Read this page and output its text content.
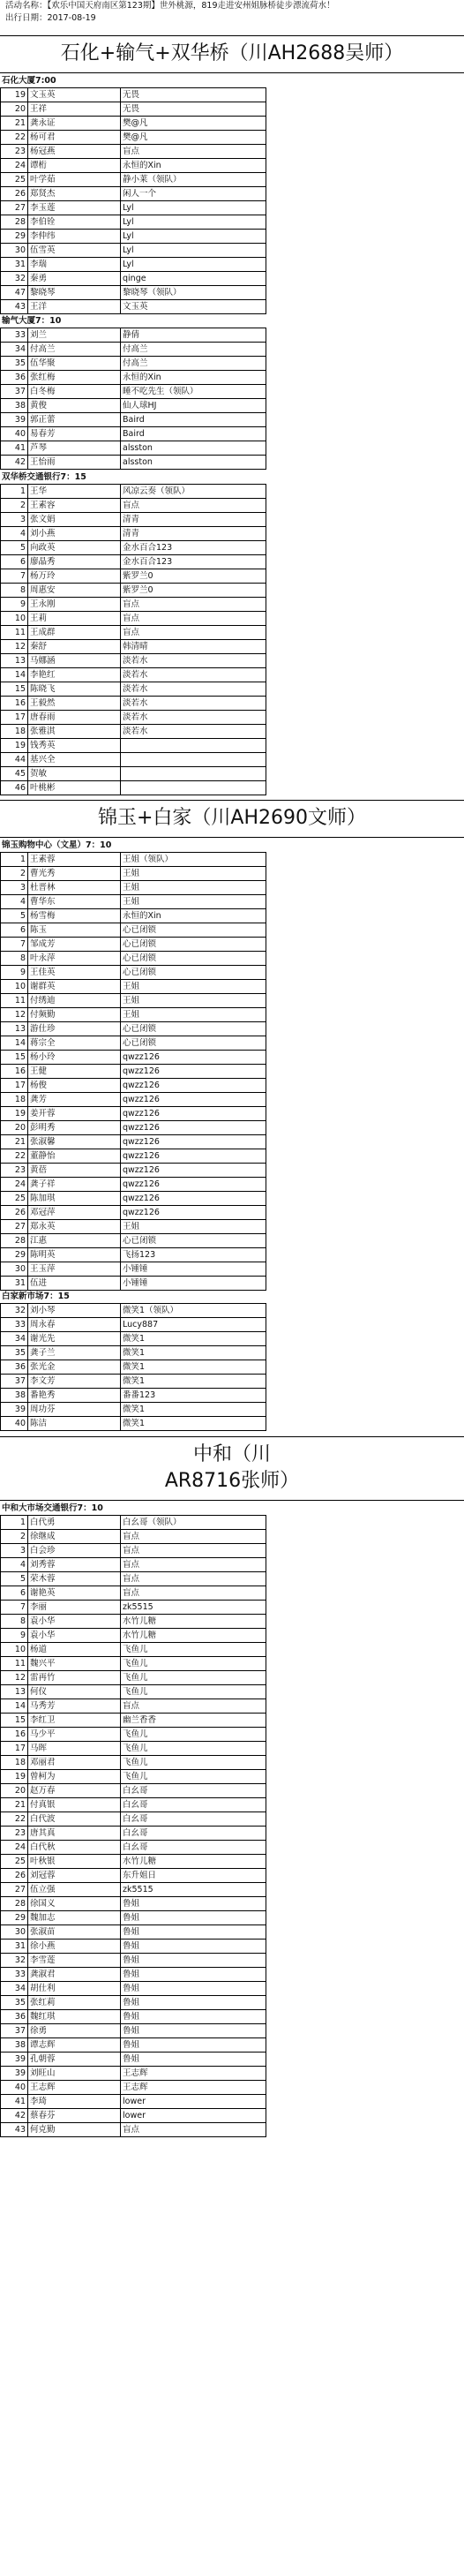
活动名称：【欢乐中国天府南区第123期】世外桃源，819走进安州姐脉桥徒步漂流荷水！
出行日期：2017-08-19
石化+输气+双华桥（川AH2688吴师）
石化大厦7:00
19	文玉英	无畏
20	王祥	无畏
21	龚永证	樊@凡
22	杨可君	樊@凡
23	杨冠燕	盲点
24	谭桁	永恒的Xin
25	叶学茹	静小莱（领队）
26	郑贤杰	闲人一个
27	李玉莲	Lyl
28	李伯铨	Lyl
29	李仲纬	Lyl
30	伍雪英	Lyl
31	李瑞	Lyl
32	秦勇	qinge
47	黎晓琴	黎晓琴（领队）
43	王洋	文玉英
输气大厦7：10
33	刘兰	静倩
34	付高兰	付高兰
35	伍华聚	付高兰
36	张红梅	永恒的Xin
37	白冬梅	睡不吃先生（领队）
38	黄俊	仙人球HJ
39	郭正蕾	Baird
40	易春芳	Baird
41	芦琴	alsston
42	王怡雨	alsston
双华桥交通银行7：15
1	王华	风凉云奏（领队）
2	王素容	盲点
3	张文娟	清青
4	刘小燕	清青
5	向政英	金水百合123
6	廖晶秀	金水百合123
7	杨万玲	紫罗兰0
8	周惠安	紫罗兰0
9	王永刚	盲点
10	王莉	盲点
11	王成群	盲点
12	秦舒	韩清晴
13	马娜涵	淡若水
14	李艳红	淡若水
15	陈晓飞	淡若水
16	王毅然	淡若水
17	唐春雨	淡若水
18	张雅淇	淡若水
19	钱秀英	
44	基兴全	
45	贺敏	
46	叶桃彬	
锦玉+白家（川AH2690文师）
锦玉购物中心（文星）7：10
1	王素蓉	王姐（领队）
2	曹光秀	王姐
3	杜晋林	王姐
4	曹华东	王姐
5	杨雪梅	永恒的Xin
6	陈玉	心已闭锁
7	邹成芳	心已闭锁
8	叶永萍	心已闭锁
9	王佳英	心已闭锁
10	谢群英	王姐
11	付绣迪	王姐
12	付频勤	王姐
13	游仕珍	心已闭锁
14	蒋宗全	心已闭锁
15	杨小玲	qwzz126
16	王健	qwzz126
17	杨俊	qwzz126
18	龚芳	qwzz126
19	姜开蓉	qwzz126
20	彭明秀	qwzz126
21	张淑馨	qwzz126
22	董静怡	qwzz126
23	黄蓓	qwzz126
24	龚子祥	qwzz126
25	陈加琪	qwzz126
26	邓冠萍	qwzz126
27	郑永英	王姐
28	江惠	心已闭锁
29	陈明英	飞扬123
30	王玉萍	小锤锤
31	伍进	小锤锤
白家新市场7：15
32	刘小琴	微笑1（领队）
33	周永春	Lucy887
34	谢光先	微笑1
35	龚子兰	微笑1
36	张光金	微笑1
37	李文芳	微笑1
38	番艳秀	番番123
39	周功芬	微笑1
40	陈洁	微笑1
中和（川
AR8716张师）
中和大市场交通银行7：10
1	白代勇	白幺哥（领队）
2	徐继成	盲点
3	白会珍	盲点
4	刘秀蓉	盲点
5	荣木蓉	盲点
6	谢艳英	盲点
7	李丽	zk5515
8	袁小华	水竹儿糖
9	袁小华	水竹儿糖
10	杨道	飞鱼儿
11	魏兴平	飞鱼儿
12	雷再竹	飞鱼儿
13	何仪	飞鱼儿
14	马秀芳	盲点
15	李红卫	幽兰香香
16	马少平	飞鱼儿
17	马晖	飞鱼儿
18	邓丽君	飞鱼儿
19	曾柯为	飞鱼儿
20	赵万春	白幺哥
21	付真银	白幺哥
22	白代波	白幺哥
23	唐其真	白幺哥
24	白代秋	白幺哥
25	叶秋银	水竹儿糖
26	刘冠蓉	东升姐日
27	伍立强	zk5515
28	徐国义	鲁姐
29	魏加志	鲁姐
30	张淑苗	鲁姐
31	徐小燕	鲁姐
32	李雪莲	鲁姐
33	龚淑君	鲁姐
34	胡仕利	鲁姐
35	张红莉	鲁姐
36	魏红琪	鲁姐
37	徐勇	鲁姐
38	谭志辉	鲁姐
39	孔朝蓉	鲁姐
39	刘旺山	王志辉
40	王志辉	王志辉
41	李琦	lower
42	蔡春芬	lower
43	何克勤	盲点
